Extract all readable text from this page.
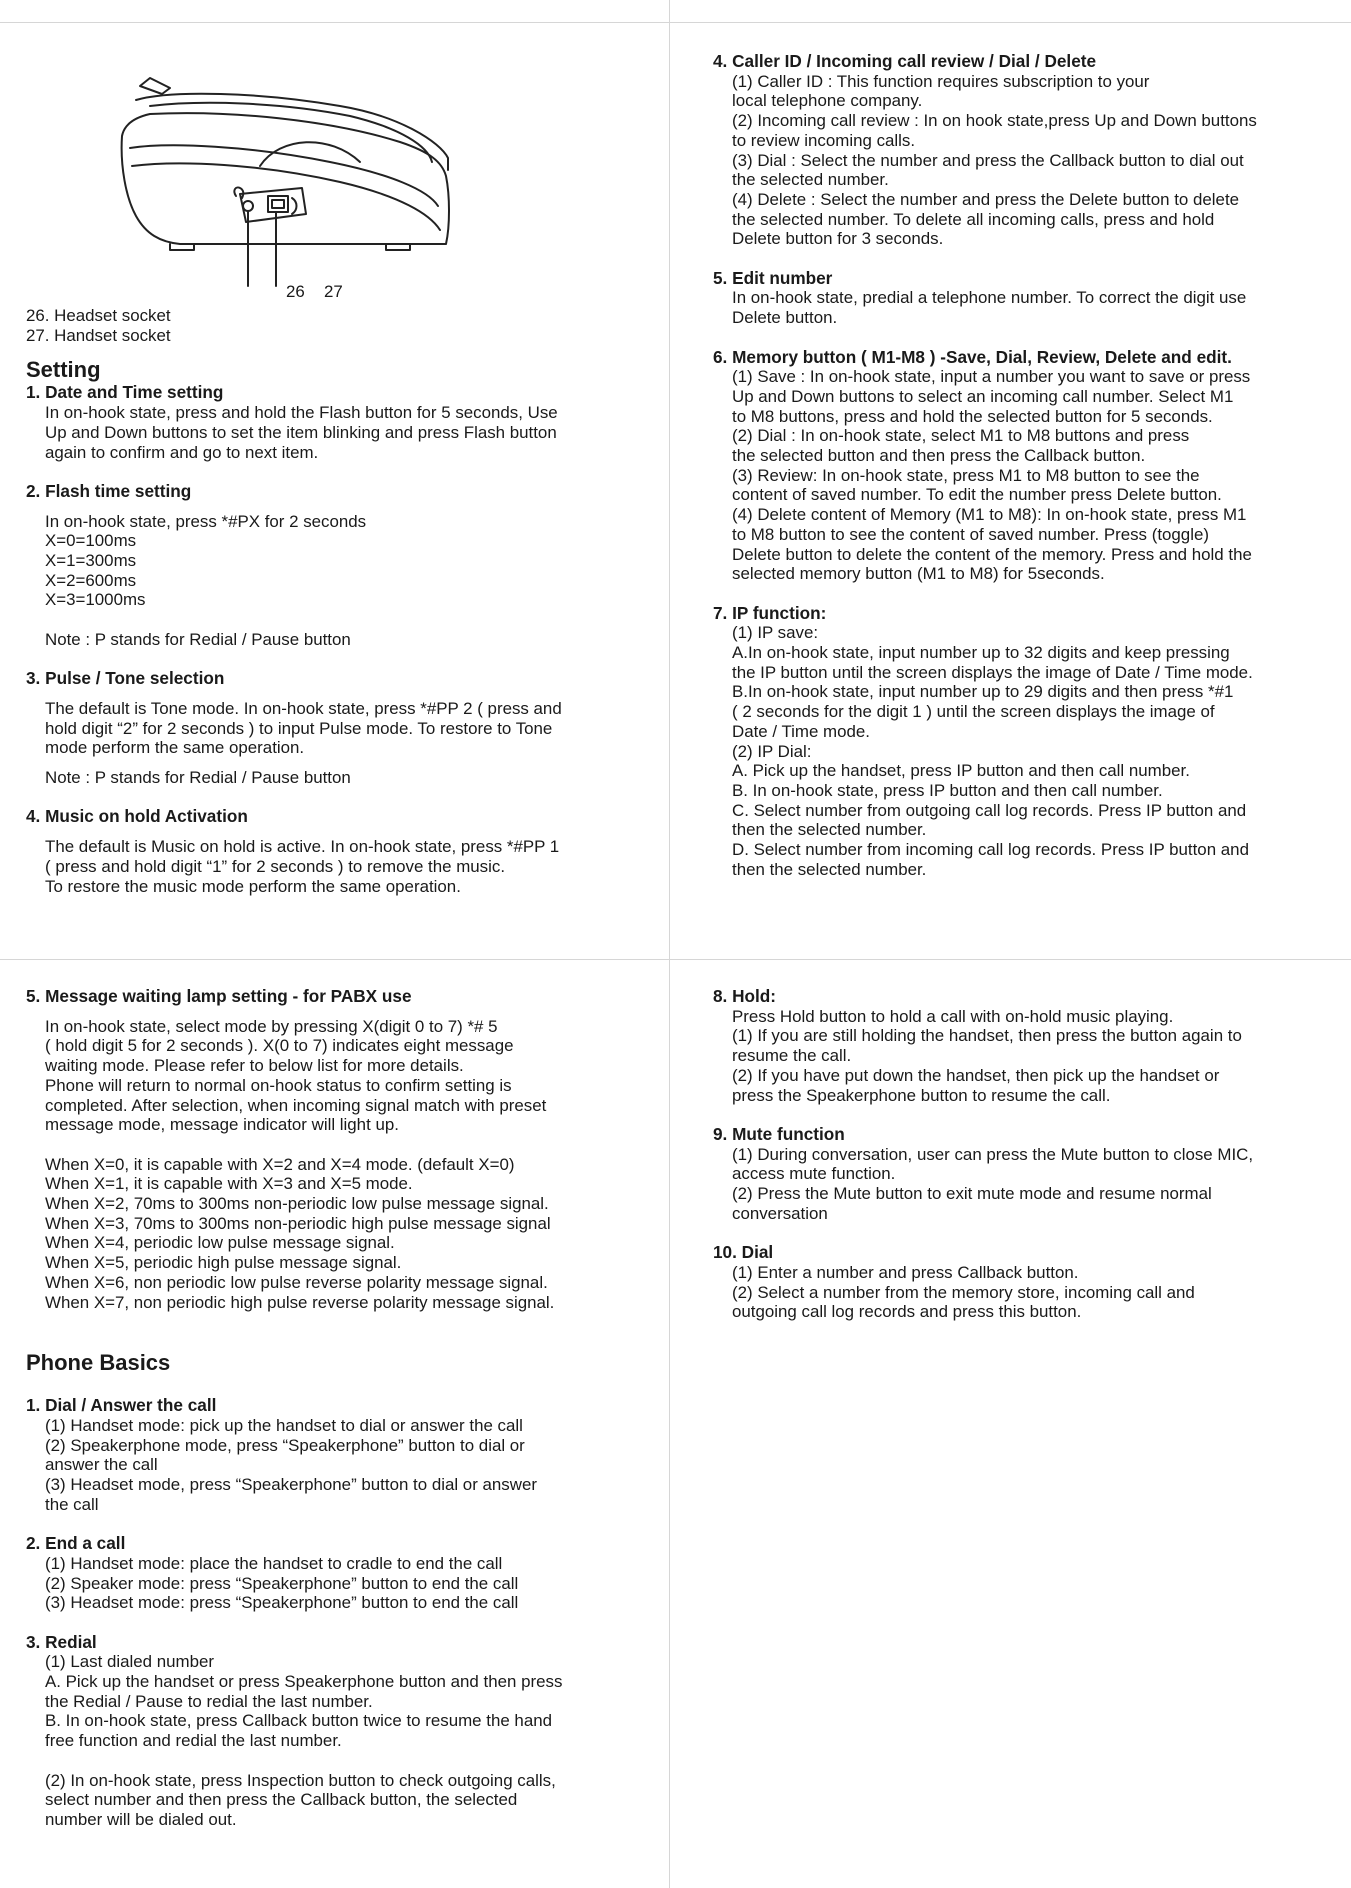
26 27

26. Headset socket

27. Handset socket

Setting
1. Date and Time setting

In on-hook state, press and hold the Flash button for 5 seconds, Use
Up and Down buttons to set the item blinking and press Flash button
again to confirm and go to next item.

2. Flash time setting

In on-hook state, press *#PX for 2 seconds

X=0=100ms
X=1=300ms
X=2=600ms
X=3=1000ms

Note : P stands for Redial / Pause button

3. Pulse / Tone selection

The default is Tone mode. In on-hook state, press *#PP 2 ( press and
hold digit “2” for 2 seconds ) to input Pulse mode. To restore to Tone
mode perform the same operation.

Note : P stands for Redial / Pause button

4. Music on hold Activation

The default is Music on hold is active. In on-hook state, press *#PP 1
( press and hold digit “1” for 2 seconds ) to remove the music.
To restore the music mode perform the same operation.

4. Caller ID / Incoming call review / Dial / Delete

(1) Caller ID : This function requires subscription to your

local telephone company.
(2) Incoming call review : In on hook state,press Up and Down buttons
to review incoming calls.
(3) Dial : Select the number and press the Callback button to dial out
the selected number.
(4) Delete : Select the number and press the Delete button to delete
the selected number. To delete all incoming calls, press and hold
Delete button for 3 seconds.

5. Edit number

In on-hook state, predial a telephone number. To correct the digit use
Delete button.

6. Memory button ( M1-M8 ) -Save, Dial, Review, Delete and edit.

(1) Save : In on-hook state, input a number you want to save or press

Up and Down buttons to select an incoming call number. Select M1
to M8 buttons, press and hold the selected button for 5 seconds.
(2) Dial : In on-hook state, select M1 to M8 buttons and press
the selected button and then press the Callback button.
(3) Review: In on-hook state, press M1 to M8 button to see the
content of saved number. To edit the number press Delete button.
(4) Delete content of Memory (M1 to M8): In on-hook state, press M1
to M8 button to see the content of saved number. Press (toggle)
Delete button to delete the content of the memory. Press and hold the
selected memory button (M1 to M8) for 5seconds.

7. IP function:

(1) IP save:

A.In on-hook state, input number up to 32 digits and keep pressing
the IP button until the screen displays the image of Date / Time mode.
B.In on-hook state, input number up to 29 digits and then press *#1
( 2 seconds for the digit 1 ) until the screen displays the image of
Date / Time mode.
(2) IP Dial:
A. Pick up the handset, press IP button and then call number.
B. In on-hook state, press IP button and then call number.
C. Select number from outgoing call log records. Press IP button and
then the selected number.
D. Select number from incoming call log records. Press IP button and
then the selected number.

5. Message waiting lamp setting - for PABX use

In on-hook state, select mode by pressing X(digit 0 to 7) *# 5
( hold digit 5 for 2 seconds ). X(0 to 7) indicates eight message
waiting mode. Please refer to below list for more details.
Phone will return to normal on-hook status to confirm setting is
completed. After selection, when incoming signal match with preset
message mode, message indicator will light up.

When X=0, it is capable with X=2 and X=4 mode. (default X=0)
When X=1, it is capable with X=3 and X=5 mode.
When X=2, 70ms to 300ms non-periodic low pulse message signal.
When X=3, 70ms to 300ms non-periodic high pulse message signal
When X=4, periodic low pulse message signal.
When X=5, periodic high pulse message signal.
When X=6, non periodic low pulse reverse polarity message signal.
When X=7, non periodic high pulse reverse polarity message signal.

Phone Basics
1. Dial / Answer the call

(1) Handset mode: pick up the handset to dial or answer the call
(2) Speakerphone mode, press “Speakerphone” button to dial or
answer the call
(3) Headset mode, press “Speakerphone” button to dial or answer
the call

2. End a call

(1) Handset mode: place the handset to cradle to end the call
(2) Speaker mode: press “Speakerphone” button to end the call
(3) Headset mode: press “Speakerphone” button to end the call

3. Redial

(1) Last dialed number
A. Pick up the handset or press Speakerphone button and then press
the Redial / Pause to redial the last number.
B. In on-hook state, press Callback button twice to resume the hand
free function and redial the last number.

(2) In on-hook state, press Inspection button to check outgoing calls,
select number and then press the Callback button, the selected
number will be dialed out.

8. Hold:

Press Hold button to hold a call with on-hold music playing.
(1) If you are still holding the handset, then press the button again to
resume the call.
(2) If you have put down the handset, then pick up the handset or
press the Speakerphone button to resume the call.

9. Mute function

(1) During conversation, user can press the Mute button to close MIC,
access mute function.
(2) Press the Mute button to exit mute mode and resume normal
conversation

10. Dial

(1) Enter a number and press Callback button.
(2) Select a number from the memory store, incoming call and
outgoing call log records and press this button.
